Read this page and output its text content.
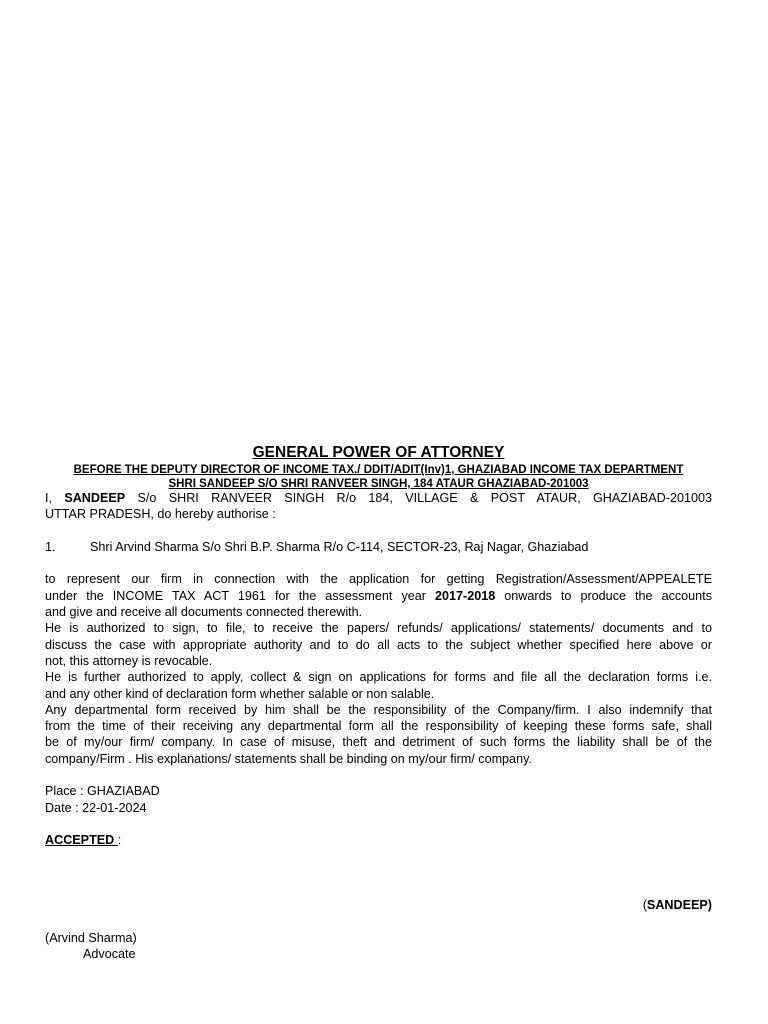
GENERAL POWER OF ATTORNEY
BEFORE THE DEPUTY DIRECTOR OF INCOME TAX./ DDIT/ADIT(Inv)1, GHAZIABAD INCOME TAX DEPARTMENT
SHRI SANDEEP S/O SHRI RANVEER SINGH, 184 ATAUR GHAZIABAD-201003
I, SANDEEP S/o SHRI RANVEER SINGH R/o 184, VILLAGE & POST ATAUR, GHAZIABAD-201003
UTTAR PRADESH, do hereby authorise :
1.	Shri Arvind Sharma S/o Shri B.P. Sharma R/o C-114, SECTOR-23, Raj Nagar, Ghaziabad
to represent our firm in connection with the application for getting Registration/Assessment/APPEALETE
under the INCOME TAX ACT 1961 for the assessment year 2017-2018 onwards to produce the accounts
and give and receive all documents connected therewith.
He is authorized to sign, to file, to receive the papers/ refunds/ applications/ statements/ documents and to
discuss the case with appropriate authority and to do all acts to the subject whether specified here above or
not, this attorney is revocable.
He is further authorized to apply, collect & sign on applications for forms and file all the declaration forms i.e.
and any other kind of declaration form whether salable or non salable.
Any departmental form received by him shall be the responsibility of the Company/firm. I also indemnify that
from the time of their receiving any departmental form all the responsibility of keeping these forms safe, shall
be of my/our firm/ company. In case of misuse, theft and detriment of such forms the liability shall be of the
company/Firm . His explanations/ statements shall be binding on my/our firm/ company.
Place : GHAZIABAD
Date : 22-01-2024
ACCEPTED :
(SANDEEP)
(Arvind Sharma)
Advocate
